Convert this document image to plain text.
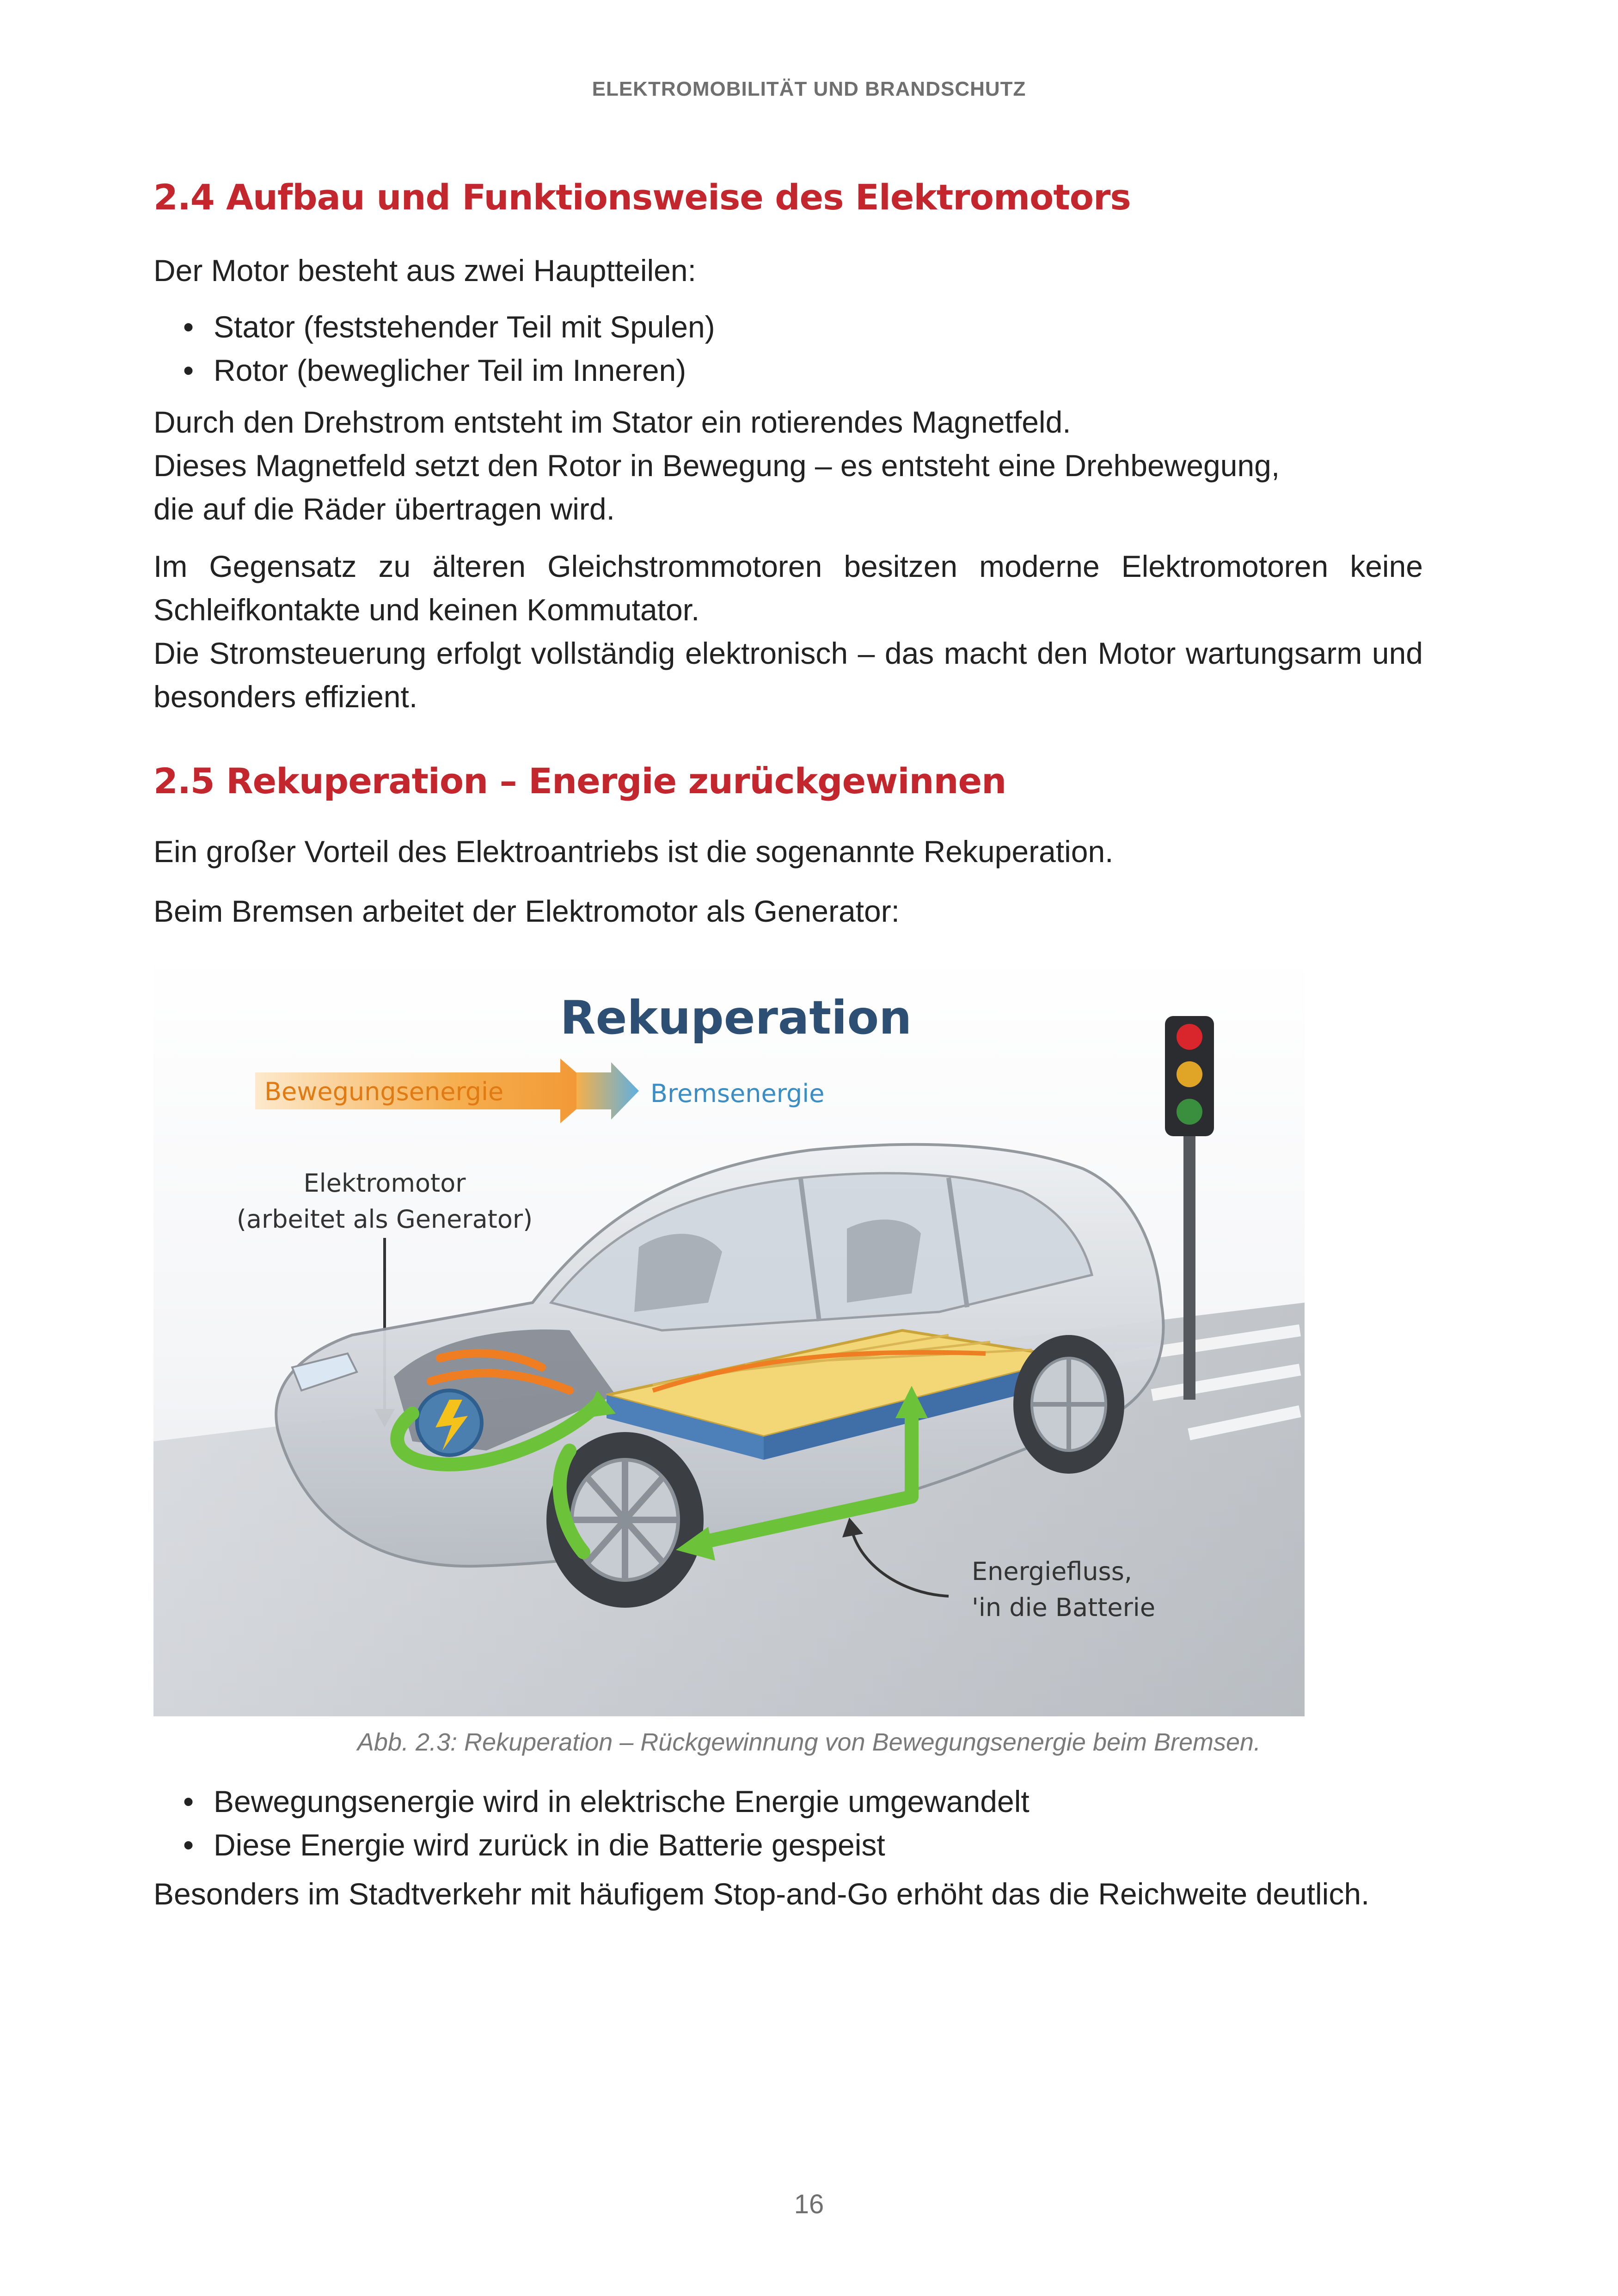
ELEKTROMOBILITÄT UND BRANDSCHUTZ
2.4 Aufbau und Funktionsweise des Elektromotors

Der Motor besteht aus zwei Hauptteilen:

• Stator (feststehender Teil mit Spulen)
• Rotor (beweglicher Teil im Inneren)

Durch den Drehstrom entsteht im Stator ein rotierendes Magnetfeld.

Dieses Magnetfeld setzt den Rotor in Bewegung – es entsteht eine Drehbewegung,

die auf die Räder übertragen wird.

Im Gegensatz zu älteren Gleichstrommotoren besitzen moderne Elektromotoren keine Schleifkontakte und keinen Kommutator.

Die Stromsteuerung erfolgt vollständig elektronisch – das macht den Motor wartungsarm und besonders effizient.

2.5 Rekuperation – Energie zurückgewinnen

Ein großer Vorteil des Elektroantriebs ist die sogenannte Rekuperation.

Beim Bremsen arbeitet der Elektromotor als Generator:

Rekuperation
Bewegungsenergie	Bremsenergie
Elektromotor
(arbeitet als Generator)
Energiefluss,
'in die Batterie
Abb. 2.3: Rekuperation – Rückgewinnung von Bewegungsenergie beim Bremsen.
• Bewegungsenergie wird in elektrische Energie umgewandelt
• Diese Energie wird zurück in die Batterie gespeist

Besonders im Stadtverkehr mit häufigem Stop-and-Go erhöht das die Reichweite deutlich.

16
